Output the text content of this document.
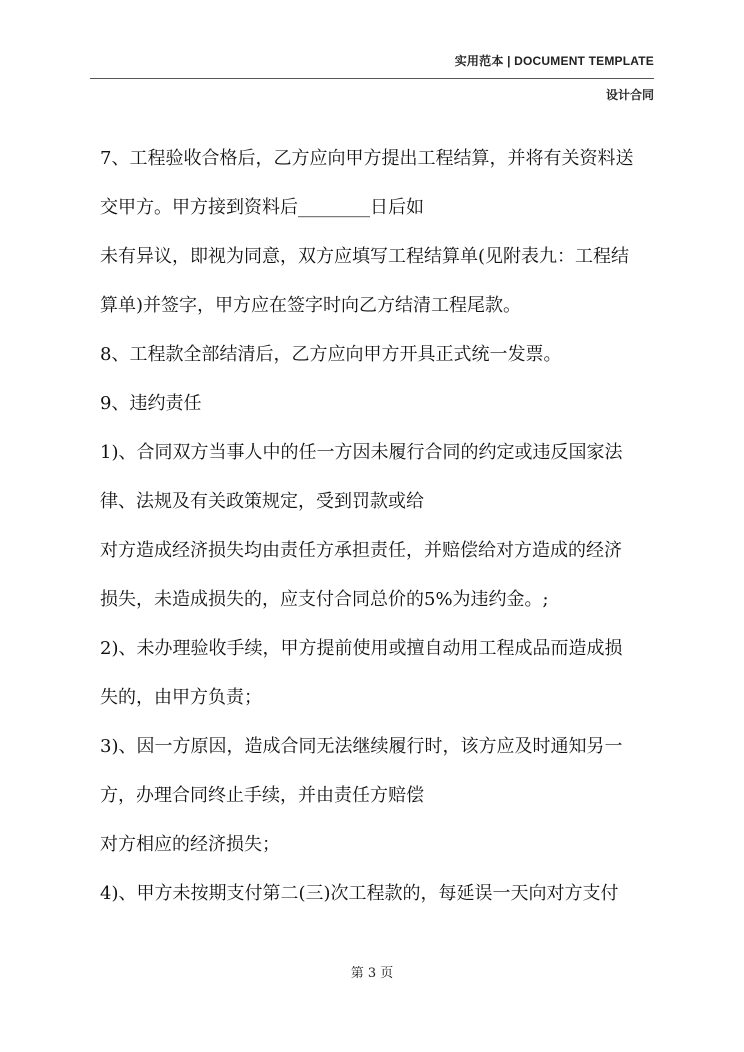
实用范本 | DOCUMENT TEMPLATE
设计合同

7、工程验收合格后，乙方应向甲方提出工程结算，并将有关资料送

交甲方。甲方接到资料后________日后如

未有异议，即视为同意，双方应填写工程结算单(见附表九：工程结

算单)并签字，甲方应在签字时向乙方结清工程尾款。

8、工程款全部结清后，乙方应向甲方开具正式统一发票。

9、违约责任

1)、合同双方当事人中的任一方因未履行合同的约定或违反国家法

律、法规及有关政策规定，受到罚款或给

对方造成经济损失均由责任方承担责任，并赔偿给对方造成的经济

损失，未造成损失的，应支付合同总价的5%为违约金。;

2)、未办理验收手续，甲方提前使用或擅自动用工程成品而造成损

失的，由甲方负责；

3)、因一方原因，造成合同无法继续履行时，该方应及时通知另一

方，办理合同终止手续，并由责任方赔偿

对方相应的经济损失；

4)、甲方未按期支付第二(三)次工程款的，每延误一天向对方支付

第 3 页
